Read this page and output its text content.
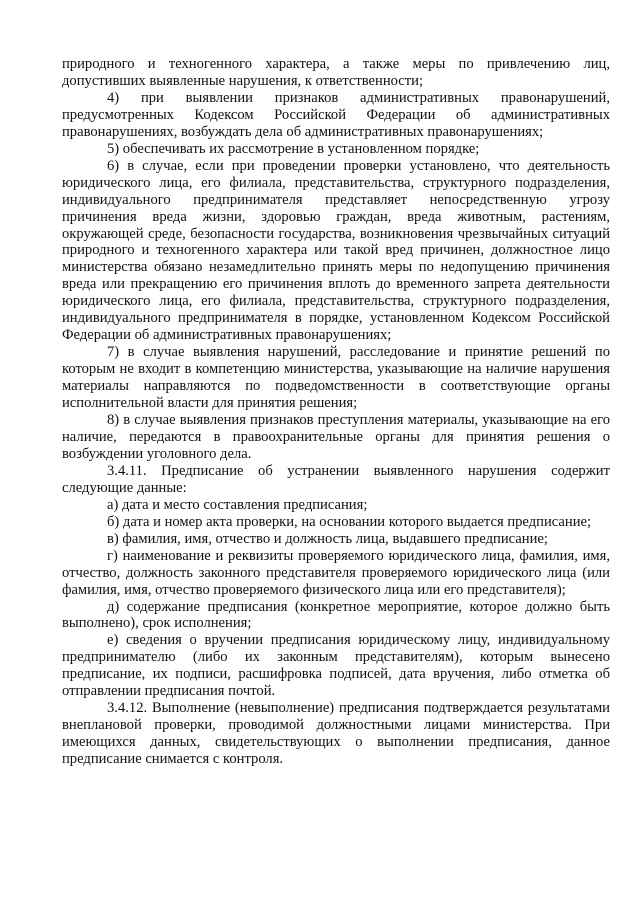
природного и техногенного характера, а также меры по привлечению лиц, допустивших выявленные нарушения, к ответственности;

4) при выявлении признаков административных правонарушений, предусмотренных Кодексом Российской Федерации об административных правонарушениях, возбуждать дела об административных правонарушениях;

5) обеспечивать их рассмотрение в установленном порядке;

6) в случае, если при проведении проверки установлено, что деятельность юридического лица, его филиала, представительства, структурного подразделения, индивидуального предпринимателя представляет непосредственную угрозу причинения вреда жизни, здоровью граждан, вреда животным, растениям, окружающей среде, безопасности государства, возникновения чрезвычайных ситуаций природного и техногенного характера или такой вред причинен, должностное лицо министерства обязано незамедлительно принять меры по недопущению причинения вреда или прекращению его причинения вплоть до временного запрета деятельности юридического лица, его филиала, представительства, структурного подразделения, индивидуального предпринимателя в порядке, установленном Кодексом Российской Федерации об административных правонарушениях;

7) в случае выявления нарушений, расследование и принятие решений по которым не входит в компетенцию министерства, указывающие на наличие нарушения материалы направляются по подведомственности в соответствующие органы исполнительной власти для принятия решения;

8) в случае выявления признаков преступления материалы, указывающие на его наличие, передаются в правоохранительные органы для принятия решения о возбуждении уголовного дела.

3.4.11. Предписание об устранении выявленного нарушения содержит следующие данные:

а) дата и место составления предписания;

б) дата и номер акта проверки, на основании которого выдается предписание;

в) фамилия, имя, отчество и должность лица, выдавшего предписание;

г) наименование и реквизиты проверяемого юридического лица, фамилия, имя, отчество, должность законного представителя проверяемого юридического лица (или фамилия, имя, отчество проверяемого физического лица или его представителя);

д) содержание предписания (конкретное мероприятие, которое должно быть выполнено), срок исполнения;

е) сведения о вручении предписания юридическому лицу, индивидуальному предпринимателю (либо их законным представителям), которым вынесено предписание, их подписи, расшифровка подписей, дата вручения, либо отметка об отправлении предписания почтой.

3.4.12. Выполнение (невыполнение) предписания подтверждается результатами внеплановой проверки, проводимой должностными лицами министерства. При имеющихся данных, свидетельствующих о выполнении предписания, данное предписание снимается с контроля.
